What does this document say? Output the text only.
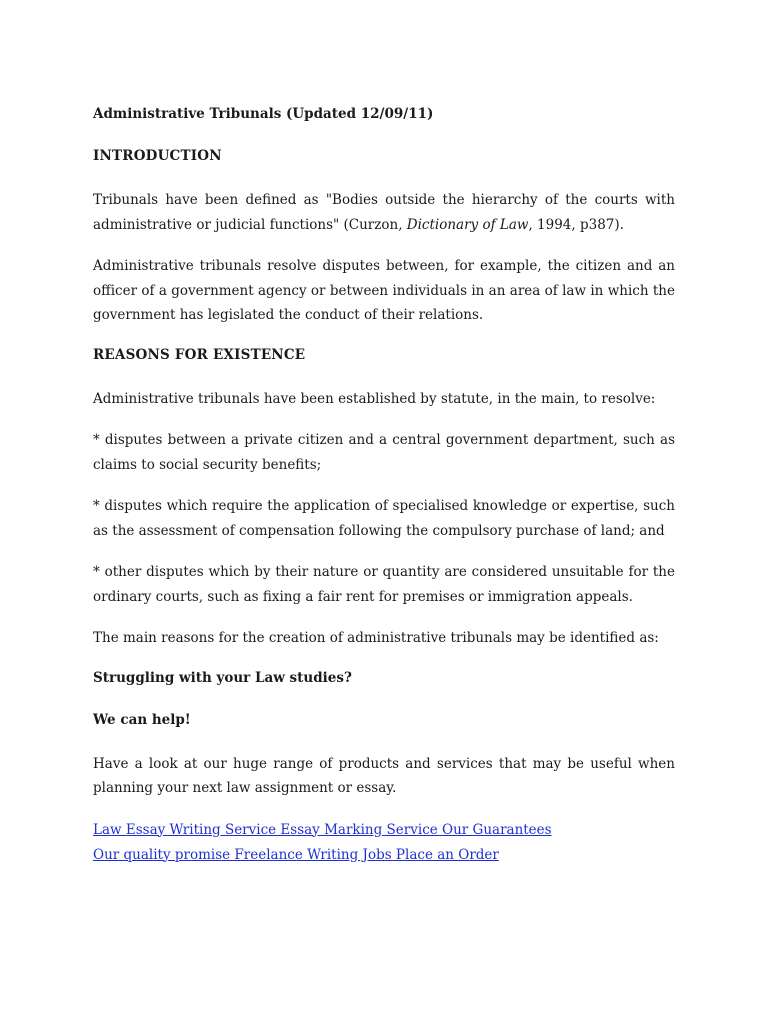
Administrative Tribunals (Updated 12/09/11)
INTRODUCTION

Tribunals have been defined as "Bodies outside the hierarchy of the courts with administrative or judicial functions" (Curzon, Dictionary of Law, 1994, p387).

Administrative tribunals resolve disputes between, for example, the citizen and an officer of a government agency or between individuals in an area of law in which the government has legislated the conduct of their relations.

REASONS FOR EXISTENCE

Administrative tribunals have been established by statute, in the main, to resolve:

* disputes between a private citizen and a central government department, such as claims to social security benefits;

* disputes which require the application of specialised knowledge or expertise, such as the assessment of compensation following the compulsory purchase of land; and

* other disputes which by their nature or quantity are considered unsuitable for the ordinary courts, such as fixing a fair rent for premises or immigration appeals.

The main reasons for the creation of administrative tribunals may be identified as:

Struggling with your Law studies?
We can help!

Have a look at our huge range of products and services that may be useful when planning your next law assignment or essay.

Law Essay Writing Service Essay Marking Service Our Guarantees
Our quality promise Freelance Writing Jobs Place an Order
